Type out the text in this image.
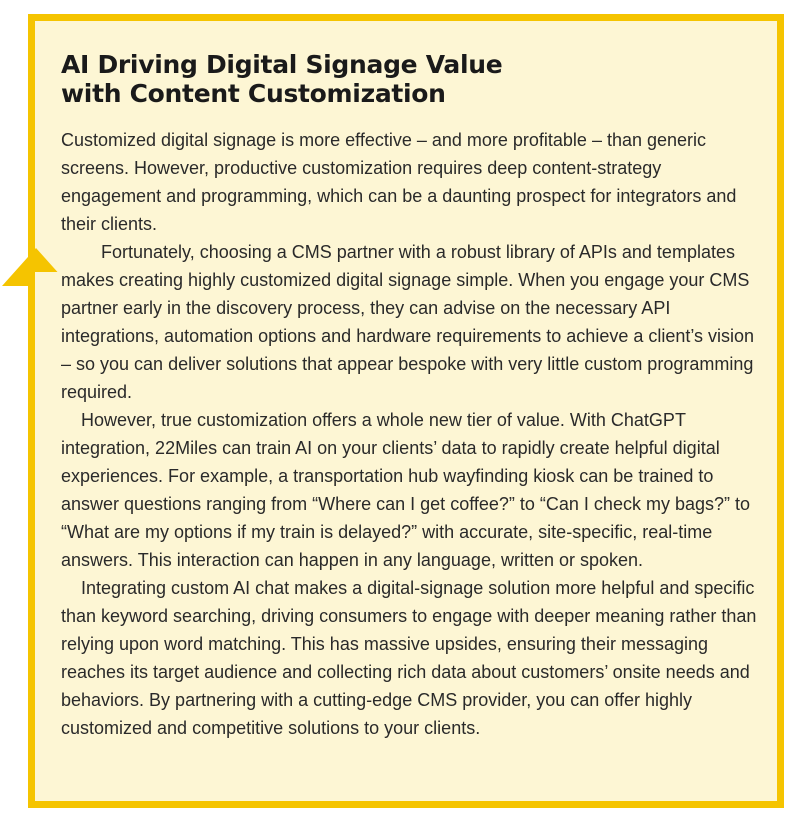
AI Driving Digital Signage Value
with Content Customization

Customized digital signage is more effective – and more profitable – than generic screens. However, productive customization requires deep content-strategy engagement and programming, which can be a daunting prospect for integrators and their clients.

Fortunately, choosing a CMS partner with a robust library of APIs and templates makes creating highly customized digital signage simple. When you engage your CMS partner early in the discovery process, they can advise on the necessary API integrations, automation options and hardware requirements to achieve a client’s vision – so you can deliver solutions that appear bespoke with very little custom programming required.

However, true customization offers a whole new tier of value. With ChatGPT integration, 22Miles can train AI on your clients’ data to rapidly create helpful digital experiences. For example, a transportation hub wayfinding kiosk can be trained to answer questions ranging from “Where can I get coffee?” to “Can I check my bags?” to “What are my options if my train is delayed?” with accurate, site-specific, real-time answers. This interaction can happen in any language, written or spoken.

Integrating custom AI chat makes a digital-signage solution more helpful and specific than keyword searching, driving consumers to engage with deeper meaning rather than relying upon word matching. This has massive upsides, ensuring their messaging reaches its target audience and collecting rich data about customers’ onsite needs and behaviors. By partnering with a cutting-edge CMS provider, you can offer highly customized and competitive solutions to your clients.
